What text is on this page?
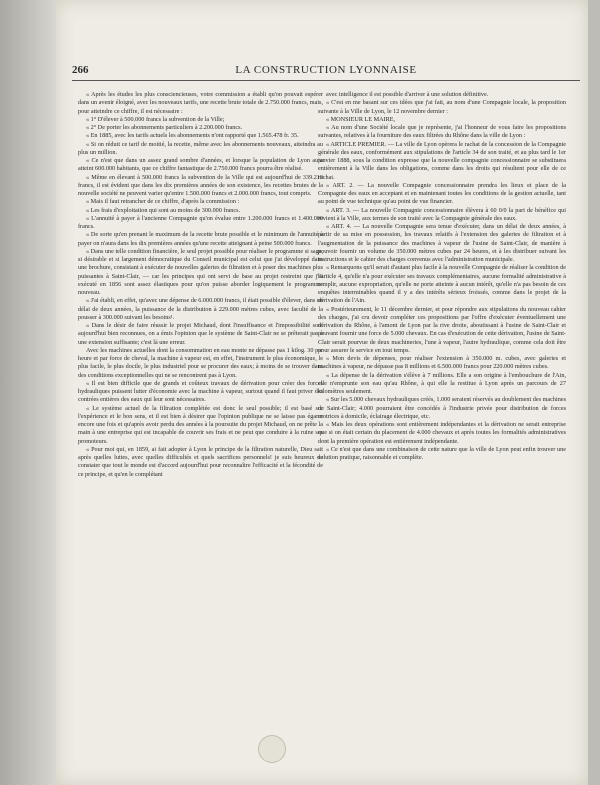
266	LA CONSTRUCTION LYONNAISE

« Après les études les plus consciencieuses, votre commission a établi qu'on pouvait espérer dans un avenir éloigné, avec les nouveaux tarifs, une recette brute totale de 2.750.000 francs, mais, pour atteindre ce chiffre, il est nécessaire :

« 1° D'élever à 500.000 francs la subvention de la Ville;

« 2° De porter les abonnements particuliers à 2.200.000 francs.

« En 1885, avec les tarifs actuels les abonnements n'ont rapporté que 1.565.478 fr. 35.

« Si on réduit ce tarif de moitié, la recette, même avec les abonnements nouveaux, atteindra au plus un million.

« Ce n'est que dans un assez grand sombre d'années, et lorsque la population de Lyon aura atteint 600.000 habitants, que ce chiffre fantastique de 2.750.000 francs pourra être réalisé.

« Même en élevant à 500.000 francs la subvention de la Ville qui est aujourd'hui de 339.219 francs, il est évident que dans les dix premières années de son existence, les recettes brutes de la nouvelle société ne peuvent varier qu'entre 1.500.000 francs et 2.000.000 francs, tout compris.

« Mais il faut retrancher de ce chiffre, d'après la commission :

« Les frais d'exploitation qui sont au moins de 300.000 francs.

« L'annuité à payer à l'ancienne Compagnie qu'on évalue entre 1.200.000 francs et 1.400.000 francs.

« De sorte qu'en prenant le maximum de la recette brute possible et le minimum de l'annuité à payer on n'aura dans les dix premières années qu'une recette atteignant à peine 500.000 francs.

« Dans une telle condition financière, le seul projet possible pour réaliser le programme si sage, si désirable et si largement démocratique du Conseil municipal est celui que j'ai développé dans une brochure, consistant à exécuter de nouvelles galeries de filtration et à poser des machines plus puissantes à Saint-Clair, — car les principes qui ont servi de base au projet restreint que j'ai exécuté en 1856 sont assez élastiques pour qu'on puisse aborder logiquement le programme nouveau.

« J'ai établi, en effet, qu'avec une dépense de 6.000.000 francs, il était possible d'élever, dans un délai de deux années, la puissance de la distribution à 229.000 mètres cubes, avec faculté de la pousser à 300.000 suivant les besoins¹.

« Dans le désir de faire réussir le projet Michaud, dont l'insuffisance et l'impossibilité sont aujourd'hui bien reconnues, on a émis l'opinion que le système de Saint-Clair ne se prêterait pas à une extension suffisante; c'est là une erreur.

Avec les machines actuelles dont la consommation en eau monte ne dépasse pas 1 kilog. 30 par heure et par force de cheval, la machine à vapeur est, en effet, l'instrument le plus économique, le plus facile, le plus docile, le plus industriel pour se procurer des eaux; à moins de se trouver dans des conditions exceptionnelles qui ne se rencontrent pas à Lyon.

« Il est bien difficile que de grands et coûteux travaux de dérivation pour créer des forces hydrauliques puissent lutter d'économie avec la machine à vapeur, surtout quand il faut priver des contrées entières des eaux qui leur sont nécessaires.

« Le système actuel de la filtration complétée est donc le seul possible; il est basé sur l'expérience et le bon sens, et il est bien à désirer que l'opinion publique ne se laisse pas égarer encore une fois et qu'après avoir perdu des années à la poursuite du projet Michaud, on ne prête la main à une entreprise qui est incapable de couvrir ses frais et ne peut que conduire à la ruine ses promoteurs.

« Pour moi qui, en 1859, ai fait adopter à Lyon le principe de la filtration naturelle, Dieu sait après quelles luttes, avec quelles difficultés et quels sacrifices personnels! je suis heureux de constater que tout le monde est d'accord aujourd'hui pour reconnaître l'efficacité et la fécondité de ce principe, et qu'en le complétant

avec intelligence il est possible d'arriver à une solution définitive.

« C'est en me basant sur ces idées que j'ai fait, au nom d'une Compagnie locale, la proposition suivante à la Ville de Lyon, le 12 novembre dernier :

« MONSIEUR LE MAIRE,

« Au nom d'une Société locale que je représente, j'ai l'honneur de vous faire les propositions suivantes, relatives à la fourniture des eaux filtrées du Rhône dans la ville de Lyon :

« ARTICLE PREMIER. — La ville de Lyon opèrera le rachat de la concession de la Compagnie générale des eaux, conformément aux stipulations de l'article 34 de son traité, et au plus tard le 1er janvier 1888, sous la condition expresse que la nouvelle compagnie concessionnaire se substituera entièrement à la Ville dans les obligations, comme dans les droits qui résultent pour elle de ce rachat.

« ART. 2. — La nouvelle Compagnie concessionnaire prendra les lieux et place de la Compagnie des eaux en acceptant et en maintenant toutes les conditions de la gestion actuelle, tant au point de vue technique qu'au point de vue financier.

« ART. 3. — La nouvelle Compagnie concessionnaire élèvera à 60 0/0 la part de bénéfice qui revient à la Ville, aux termes de son traité avec la Compagnie générale des eaux.

« ART. 4. — La nouvelle Compagnie sera tenue d'exécuter, dans un délai de deux années, à partir de sa mise en possession, les travaux relatifs à l'extension des galeries de filtration et à l'augmentation de la puissance des machines à vapeur de l'usine de Saint-Clair, de manière à pouvoir fournir un volume de 350.000 mètres cubes par 24 heures, et à les distribuer suivant les instructions et le cahier des charges convenus avec l'administration municipale.

« Remarquons qu'il serait d'autant plus facile à la nouvelle Compagnie de réaliser la condition de l'article 4, qu'elle n'a pour exécuter ses travaux complémentaires, aucune formalité administrative à remplir, aucune expropriation, qu'elle ne porte atteinte à aucun intérêt, qu'elle n'a pas besoin de ces enquêtes interminables quand il y a des intérêts sérieux froissés, comme dans le projet de la dérivation de l'Ain.

« Postérieurement, le 11 décembre dernier, et pour répondre aux stipulations du nouveau cahier des charges, j'ai cru devoir compléter ces propositions par l'offre d'exécuter éventuellement une dérivation du Rhône, à l'amont de Lyon par la rive droite, aboutissant à l'usine de Saint-Clair et pouvant fournir une force de 5.000 chevaux. En cas d'exécution de cette dérivation, l'usine de Saint-Clair serait pourvue de deux machineries, l'une à vapeur, l'autre hydraulique, comme cela doit être pour assurer le service en tout temps.

« Mon devis de dépenses, pour réaliser l'extension à 350.000 m. cubes, avec galeries et machines à vapeur, ne dépasse pas 8 millions et 6.500.000 francs pour 220.000 mètres cubes.

« La dépense de la dérivation s'élève à 7 millions. Elle a son origine à l'embouchure de l'Ain, elle n'emprunte son eau qu'au Rhône, à qui elle la restitue à Lyon après un parcours de 27 kilomètres seulement.

« Sur les 5.000 chevaux hydrauliques créés, 1.000 seraient réservés au doublement des machines de Saint-Clair; 4.000 pourraient être concédés à l'industrie privée pour distribution de forces motrices à domicile, éclairage électrique, etc.

« Mais les deux opérations sont entièrement indépendantes et la dérivation ne serait entreprise que si on était certain du placement de 4.000 chevaux et après toutes les formalités administratives dont la première opération est entièrement indépendante.

« Ce n'est que dans une combinaison de cette nature que la ville de Lyon peut enfin trouver une solution pratique, raisonnable et complète.
